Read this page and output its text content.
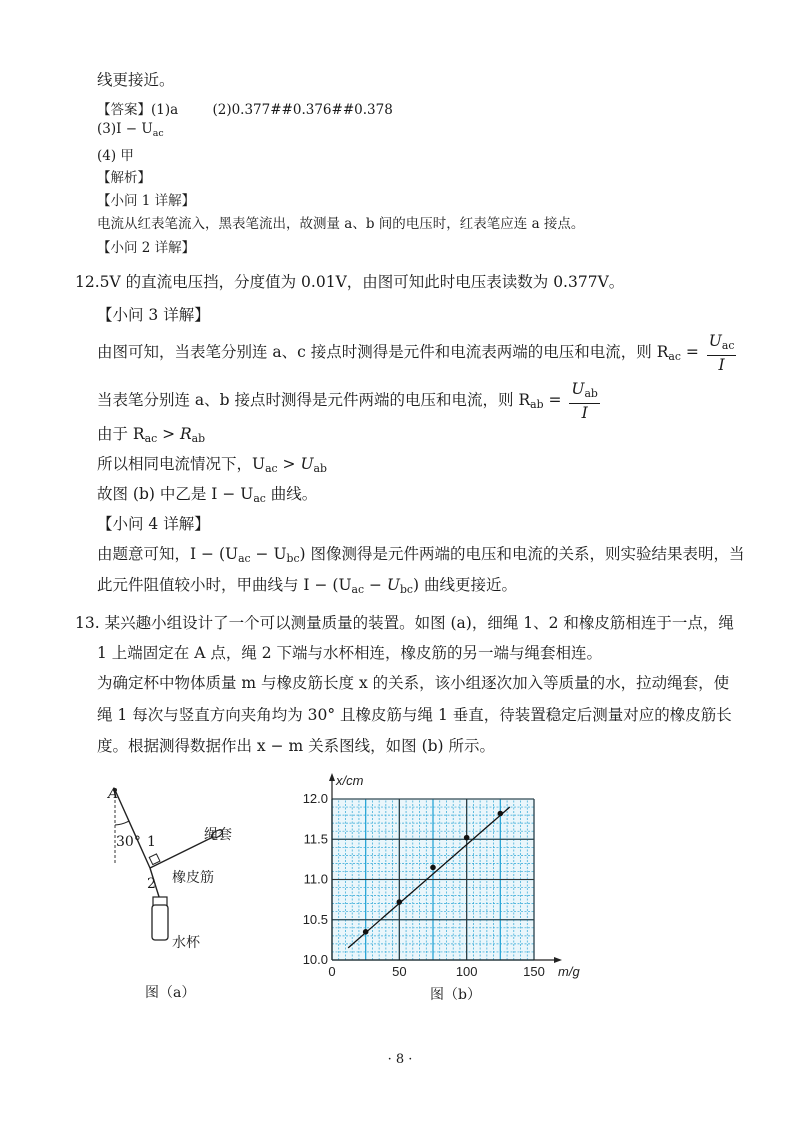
线更接近。
【答案】(1)a	(2)0.377##0.376##0.378
$(3)I - U_{ac}$
(4) 甲
【解析】
【小问 1 详解】
电流从红表笔流入，黑表笔流出，故测量 a、b 间的电压时，红表笔应连 a 接点。
【小问 2 详解】
12.5V 的直流电压挡，分度值为 0.01V，由图可知此时电压表读数为 0.377V。
【小问 3 详解】
由图可知，当表笔分别连 a、c 接点时测得是元件和电流表两端的电压和电流，则 $R_{ac} = \frac{U_{ac}}{I}$
当表笔分别连 a、b 接点时测得是元件两端的电压和电流，则 $R_{ab} = \frac{U_{ab}}{I}$
由于 $R_{ac} > R_{ab}$
所以相同电流情况下，$U_{ac} > U_{ab}$
故图 (b) 中乙是 $I - U_{ac}$ 曲线。
【小问 4 详解】
由题意可知，$I - (U_{ac} - U_{bc})$ 图像测得是元件两端的电压和电流的关系，则实验结果表明，当
此元件阻值较小时，甲曲线与 $I - (U_{ac} - U_{bc})$ 曲线更接近。
13. 某兴趣小组设计了一个可以测量质量的装置。如图 (a)，细绳 1、2 和橡皮筋相连于一点，绳
1 上端固定在 A 点，绳 2 下端与水杯相连，橡皮筋的另一端与绳套相连。
为确定杯中物体质量 m 与橡皮筋长度 x 的关系，该小组逐次加入等质量的水，拉动绳套，使
绳 1 每次与竖直方向夹角均为 30° 且橡皮筋与绳 1 垂直，待装置稳定后测量对应的橡皮筋长
度。根据测得数据作出 x − m 关系图线，如图 (b) 所示。
A
30° 1
2
绳套
橡皮筋
水杯
图（a）
10.0
10.5
11.0
11.5
12.0
0	50	100	150 m/g
x/cm
图（b）
· 8 ·
